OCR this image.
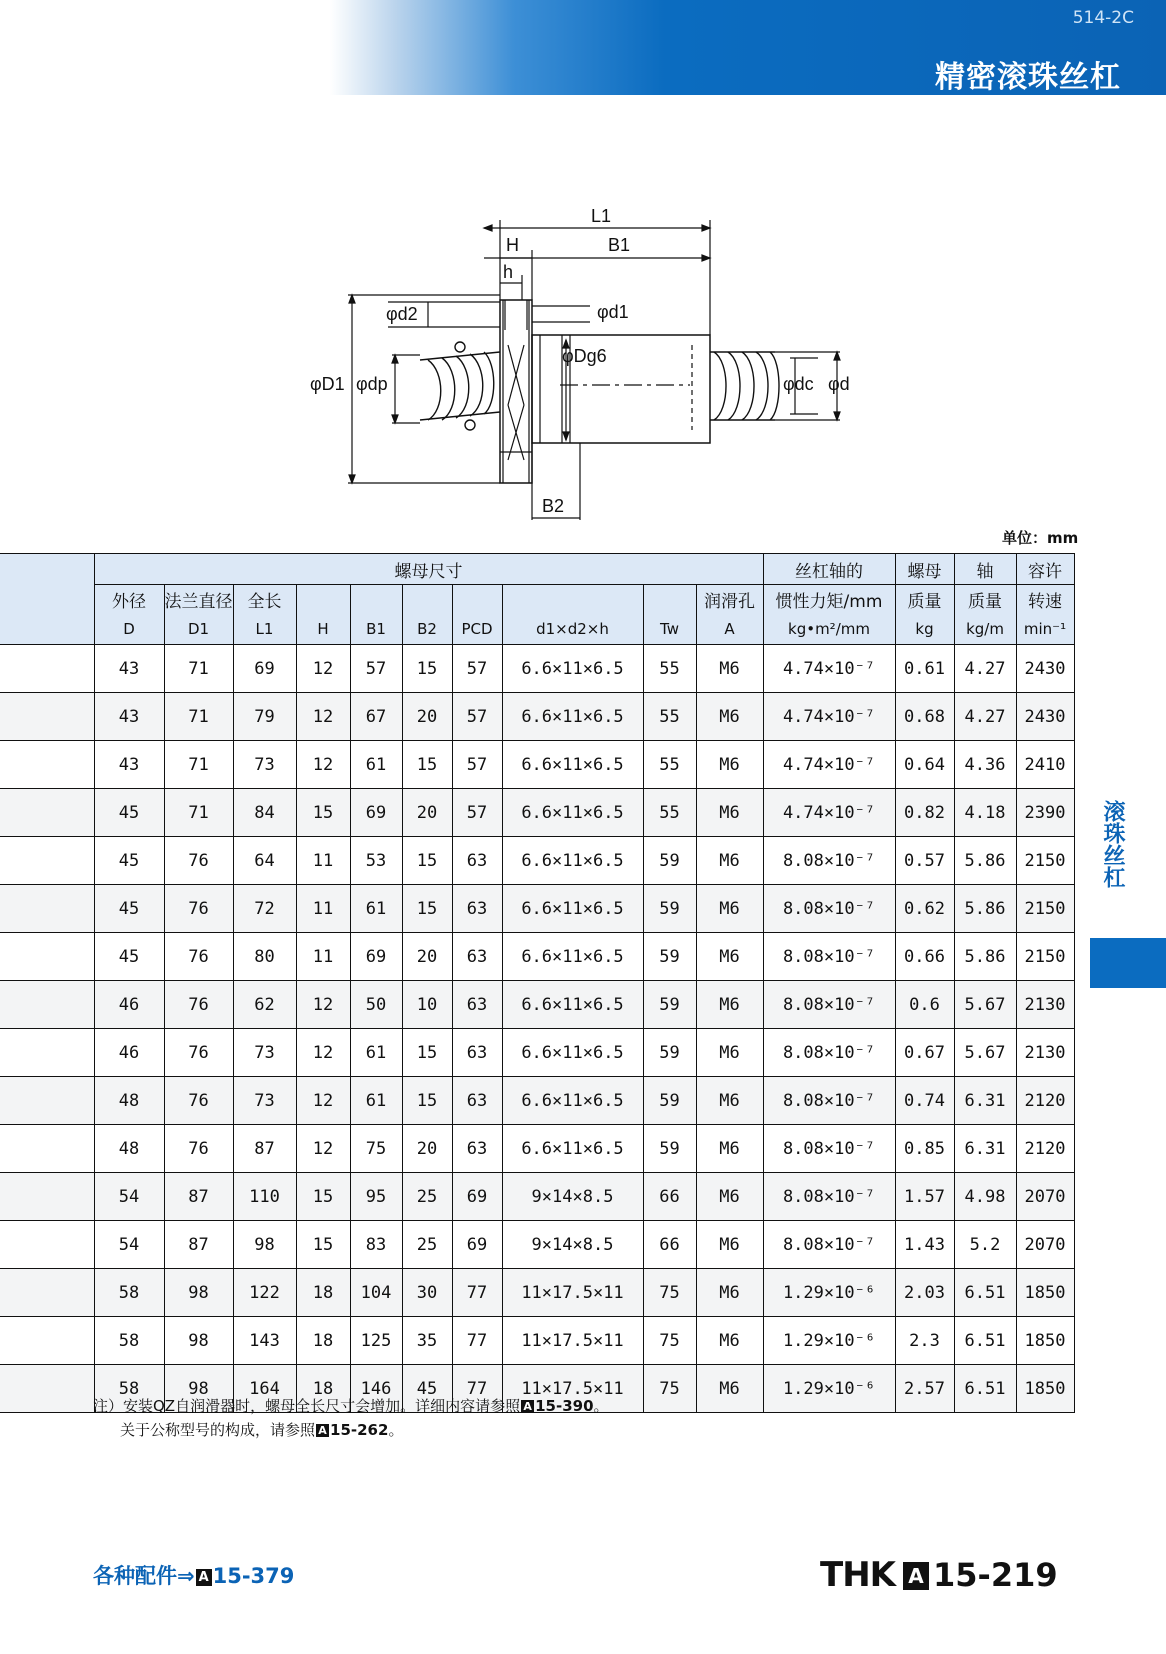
514-2C
精密滚珠丝杠
L1
H	B1
h
φd2	φd1
φDg6
φD1 φdp	φdc φd
B2
单位：mm
	螺母尺寸										丝杠轴的	螺母	轴	容许
	外径	法兰直径	全长							润滑孔	惯性力矩/mm	质量	质量	转速
	D	D1	L1	H	B1	B2	PCD	d1×d2×h	Tw	A	kg•m²/mm	kg	kg/m	min⁻¹
	43	71	69	12	57	15	57	6.6×11×6.5	55	M6	4.74×10⁻⁷	0.61	4.27	2430
	43	71	79	12	67	20	57	6.6×11×6.5	55	M6	4.74×10⁻⁷	0.68	4.27	2430
	43	71	73	12	61	15	57	6.6×11×6.5	55	M6	4.74×10⁻⁷	0.64	4.36	2410
	45	71	84	15	69	20	57	6.6×11×6.5	55	M6	4.74×10⁻⁷	0.82	4.18	2390
	45	76	64	11	53	15	63	6.6×11×6.5	59	M6	8.08×10⁻⁷	0.57	5.86	2150
	45	76	72	11	61	15	63	6.6×11×6.5	59	M6	8.08×10⁻⁷	0.62	5.86	2150
	45	76	80	11	69	20	63	6.6×11×6.5	59	M6	8.08×10⁻⁷	0.66	5.86	2150
	46	76	62	12	50	10	63	6.6×11×6.5	59	M6	8.08×10⁻⁷	0.6	5.67	2130
	46	76	73	12	61	15	63	6.6×11×6.5	59	M6	8.08×10⁻⁷	0.67	5.67	2130
	48	76	73	12	61	15	63	6.6×11×6.5	59	M6	8.08×10⁻⁷	0.74	6.31	2120
	48	76	87	12	75	20	63	6.6×11×6.5	59	M6	8.08×10⁻⁷	0.85	6.31	2120
	54	87	110	15	95	25	69	9×14×8.5	66	M6	8.08×10⁻⁷	1.57	4.98	2070
	54	87	98	15	83	25	69	9×14×8.5	66	M6	8.08×10⁻⁷	1.43	5.2	2070
	58	98	122	18	104	30	77	11×17.5×11	75	M6	1.29×10⁻⁶	2.03	6.51	1850
	58	98	143	18	125	35	77	11×17.5×11	75	M6	1.29×10⁻⁶	2.3	6.51	1850
	58	98	164	18	146	45	77	11×17.5×11	75	M6	1.29×10⁻⁶	2.57	6.51	1850
注）安装QZ自润滑器时，螺母全长尺寸会增加。详细内容请参照 A 15-390。
关于公称型号的构成，请参照 A 15-262。
滚珠丝杠
各种配件⇒ A 15-379	THK A 15-219
